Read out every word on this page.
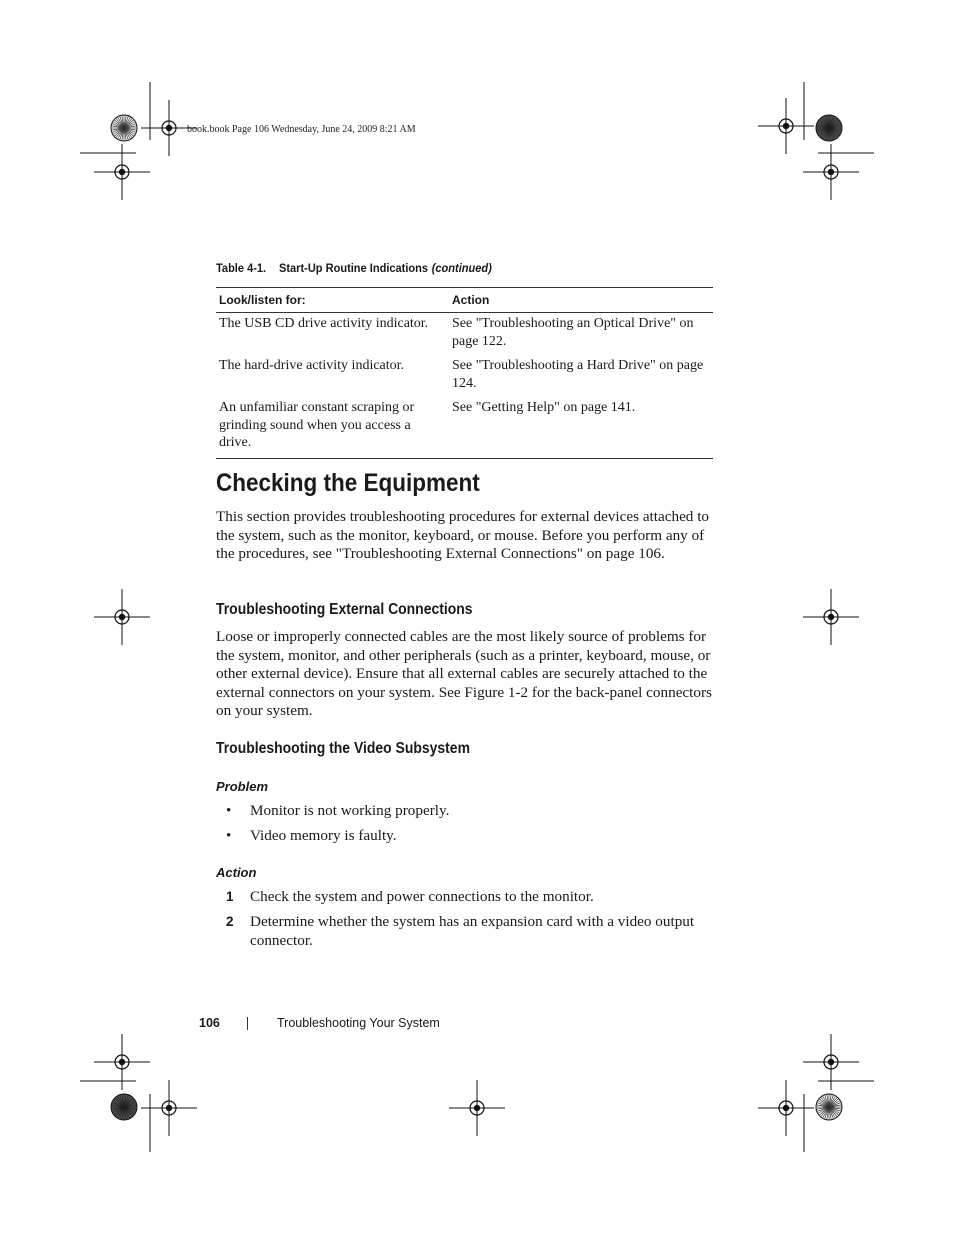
book.book Page 106 Wednesday, June 24, 2009 8:21 AM
Table 4-1. Start-Up Routine Indications (continued)
Look/listen for:	Action
The USB CD drive activity indicator.	See "Troubleshooting an Optical Drive" on page 122.
The hard-drive activity indicator.	See "Troubleshooting a Hard Drive" on page 124.
An unfamiliar constant scraping or grinding sound when you access a drive.	See "Getting Help" on page 141.
Checking the Equipment

This section provides troubleshooting procedures for external devices attached to the system, such as the monitor, keyboard, or mouse. Before you perform any of the procedures, see "Troubleshooting External Connections" on page 106.

Troubleshooting External Connections

Loose or improperly connected cables are the most likely source of problems for the system, monitor, and other peripherals (such as a printer, keyboard, mouse, or other external device). Ensure that all external cables are securely attached to the external connectors on your system. See Figure 1-2 for the back-panel connectors on your system.

Troubleshooting the Video Subsystem
Problem
• Monitor is not working properly.
• Video memory is faulty.
Action
1 Check the system and power connections to the monitor.
2 Determine whether the system has an expansion card with a video output connector.
106	Troubleshooting Your System
